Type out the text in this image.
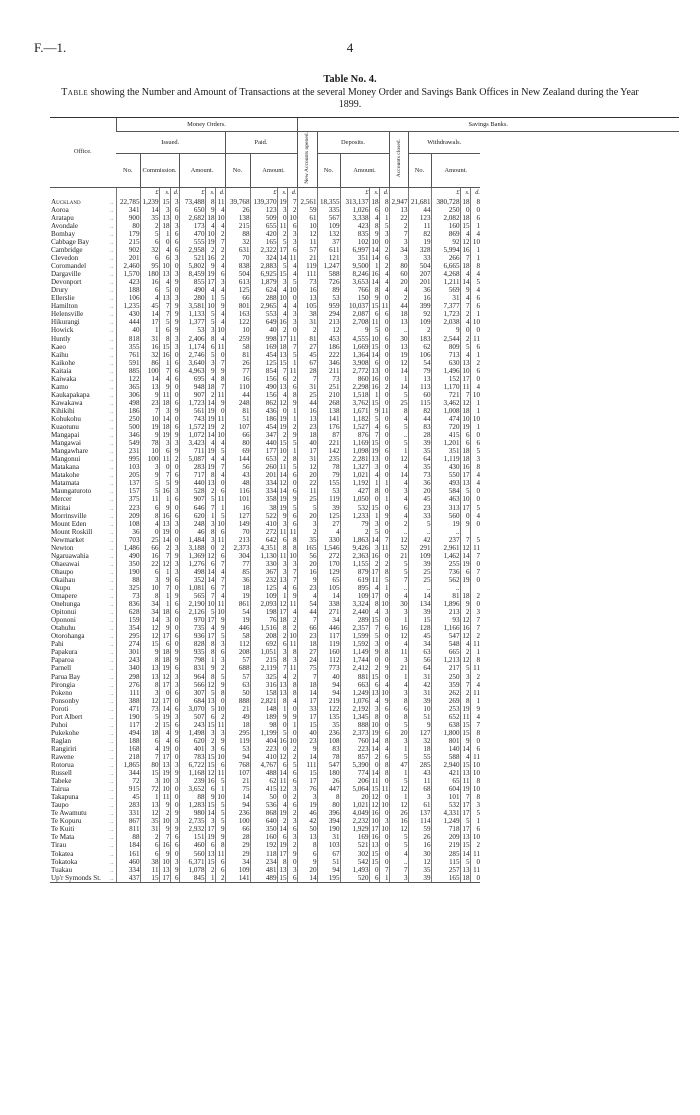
F.—1.	4
Table No. 4.
Table showing the Number and Amount of Transactions at the several Money Order and Savings Bank Offices in New Zealand during the Year 1899.
Office.	Money Orders.											Savings Banks.									
	Issued.							Paid.				New Accounts opened.	Deposits.				Accounts closed.	Withdrawals.			
	No.	Commission.			Amount.			No.	Amount.				No.	Amount.				No.	Amount.		
		£	s.	d.	£	s.	d.		£	s.	d.			£	s.	d.			£	s.	d.
Auckland ..	22,785	1,239	15	3	73,488	8	11	39,768	139,370	19	7	2,561	18,355	313,137	18	8	2,947	21,681	380,728	18	8
Aoroa ..	341	14	3	6	650	9	4	26	123	3	2	59	335	1,026	6	0	13	44	250	0	0
Aratapu ..	900	35	13	0	2,682	18	10	138	509	0	10	61	567	3,338	4	1	22	123	2,082	18	6
Avondale ..	80	2	18	3	173	4	4	215	655	11	6	10	109	423	8	5	2	11	160	15	1
Bombay ..	179	5	1	6	470	10	2	88	420	2	3	12	132	835	9	3	7	82	869	4	4
Cabbage Bay ..	215	6	0	6	555	19	7	32	165	5	3	11	37	102	10	0	3	19	92	12	10
Cambridge ..	902	32	4	6	2,958	2	2	631	2,322	17	6	57	611	6,997	14	2	34	328	5,994	16	1
Clevedon ..	201	6	6	3	521	16	2	70	324	14	11	21	121	351	14	6	3	33	266	7	1
Coromandel ..	2,460	95	10	0	5,802	9	4	838	2,883	5	4	119	1,247	9,500	1	2	80	504	6,665	18	8
Dargaville ..	1,570	180	13	3	8,459	19	6	504	6,925	15	4	111	588	8,246	16	4	60	207	4,268	4	4
Devonport ..	423	16	4	9	855	17	3	613	1,879	3	5	73	726	3,653	14	4	20	201	1,211	14	5
Drury ..	188	6	5	0	490	4	4	125	624	4	10	16	89	766	8	4	4	36	569	9	4
Ellerslie ..	106	4	13	3	280	1	5	66	288	10	0	13	53	150	9	0	2	16	31	4	6
Hamilton ..	1,235	45	7	9	3,581	10	9	801	2,965	4	4	105	959	10,037	15	11	44	399	7,377	7	6
Helensville ..	430	14	7	9	1,133	5	4	163	553	4	3	38	294	2,087	6	6	18	92	1,723	2	1
Hikurangi ..	444	17	5	9	1,377	5	4	122	649	16	3	31	213	2,708	11	0	13	109	2,038	4	10
Howick ..	40	1	6	9	53	3	10	10	40	2	0	2	12	9	5	0	..	2	9	0	0
Huntly ..	818	31	8	3	2,406	8	4	259	998	17	11	81	453	4,555	10	6	30	183	2,544	2	11
Kaeo ..	355	16	15	3	1,174	6	11	58	169	18	7	27	186	1,669	15	0	13	62	809	5	6
Kaihu ..	761	32	16	0	2,746	5	0	81	454	13	5	45	222	1,364	14	0	19	106	713	4	1
Kaikohe ..	591	86	1	6	3,640	3	7	26	125	15	1	67	346	3,908	6	0	12	54	630	13	2
Kaitaia ..	885	100	7	6	4,963	9	9	77	854	7	11	28	211	2,772	13	0	14	79	1,496	10	6
Kaiwaka ..	122	14	4	6	695	4	8	16	156	6	2	7	73	860	16	0	1	13	152	17	0
Kamo ..	365	13	9	0	948	18	7	110	490	13	6	31	251	2,298	16	2	14	113	1,170	11	4
Kaukapakapa ..	306	9	11	0	907	2	11	44	156	4	8	25	210	1,518	1	0	5	60	721	7	10
Kawakawa ..	498	23	18	6	1,723	14	9	248	862	12	9	44	268	3,762	15	0	25	115	3,462	12	1
Kihikihi ..	186	7	3	9	561	19	0	81	436	0	1	16	138	1,671	9	11	8	82	1,008	18	1
Kohukohu ..	250	10	14	0	743	19	11	51	186	19	1	13	141	1,182	5	0	4	44	474	10	10
Kuaotunu ..	500	19	18	6	1,572	19	2	107	454	19	2	23	176	1,527	4	6	5	83	720	19	1
Mangapai ..	346	9	19	9	1,072	14	10	66	347	2	9	18	87	876	7	0	..	28	415	6	0
Mangawai ..	549	78	3	3	3,423	4	4	80	440	15	5	40	221	1,169	15	0	5	39	1,201	6	6
Mangawhare ..	231	10	6	9	711	19	5	69	177	10	1	17	142	1,098	19	6	1	35	351	18	5
Mangonui ..	995	100	11	2	5,087	4	4	144	653	2	8	31	235	2,281	13	0	12	64	1,119	18	3
Matakana ..	103	3	0	0	283	19	7	56	260	11	5	12	78	1,327	3	0	4	35	430	16	8
Matakohe ..	205	9	7	6	717	8	4	43	201	14	6	20	79	1,021	4	0	14	73	550	17	4
Matamata ..	137	5	5	9	440	13	0	48	334	12	0	22	155	1,192	1	1	4	36	493	13	4
Maungaturoto ..	157	5	16	3	528	2	6	116	334	14	6	11	53	427	8	0	3	20	584	5	0
Mercer ..	375	11	1	6	907	5	11	101	358	19	9	25	119	1,050	0	1	4	45	463	10	0
Mititai ..	223	6	9	0	646	7	1	16	38	19	5	5	39	532	15	0	6	23	313	17	5
Morrinsville ..	209	8	16	6	620	1	5	127	522	9	6	20	125	1,233	1	9	4	33	560	0	4
Mount Eden ..	108	4	13	3	248	3	10	149	410	3	6	3	27	79	3	0	2	5	19	9	0
Mount Roskill ..	36	0	19	0	46	8	6	70	272	11	11	2	4	2	5	0	..	..	..		
Newmarket ..	703	25	14	0	1,484	3	11	213	642	6	8	35	330	1,863	14	7	12	42	237	7	5
Newton ..	1,486	66	2	3	3,188	0	2	2,373	4,351	8	8	165	1,546	9,426	3	11	52	291	2,961	12	11
Ngaruawahia ..	490	16	7	9	1,369	12	6	304	1,130	11	10	56	272	2,363	16	0	21	109	1,462	14	7
Ohaeawai ..	350	22	12	3	1,276	6	7	77	330	3	3	20	170	1,155	2	2	5	39	255	19	0
Ohaupo ..	190	6	1	3	498	14	4	85	367	3	7	16	129	879	17	8	5	25	736	6	7
Okaihau ..	88	3	9	6	352	14	7	36	232	13	7	9	65	619	11	5	7	25	562	19	0
Okupu ..	325	10	7	0	1,081	6	7	18	125	4	6	23	105	895	4	1	..	..	..		
Omapere ..	73	8	1	9	565	7	4	19	109	1	9	4	14	109	17	0	4	14	81	18	2
Onehunga ..	836	34	1	6	2,190	10	11	861	2,093	12	11	54	338	3,324	8	10	30	134	1,896	9	0
Opitonui ..	628	34	18	6	2,126	5	10	54	198	17	4	44	271	2,440	4	3	3	39	213	2	3
Opononi ..	159	14	3	0	970	17	9	19	76	18	2	7	34	289	15	0	1	15	93	12	7
Otahuhu ..	354	12	9	0	735	4	9	446	1,516	8	2	66	446	2,357	7	6	16	128	1,166	16	7
Otorohanga ..	295	12	17	6	936	17	5	58	208	2	10	23	117	1,599	5	0	12	45	547	12	2
Pahi ..	274	15	6	0	828	8	3	112	692	6	11	18	119	1,592	3	0	4	34	548	4	11
Papakura ..	301	9	18	9	935	8	6	208	1,051	3	8	27	160	1,149	9	8	11	63	665	2	1
Paparoa ..	243	8	18	9	798	1	3	57	215	8	3	24	112	1,744	0	0	3	56	1,213	12	8
Parnell ..	340	13	19	6	831	9	2	688	2,119	7	11	75	773	2,412	2	9	21	64	217	5	11
Parua Bay ..	298	13	12	3	964	8	5	57	325	4	2	7	40	881	15	0	1	31	250	3	2
Pirongia ..	276	8	17	3	566	12	9	63	316	13	8	18	94	663	6	4	4	42	359	7	4
Pokeno ..	111	3	0	6	307	5	8	50	158	13	8	14	94	1,249	13	10	3	31	262	2	11
Ponsonby ..	388	12	17	0	684	13	0	888	2,821	8	4	17	219	1,076	4	9	8	39	269	8	1
Poroti ..	471	73	14	6	3,070	5	10	21	148	1	0	33	122	2,192	3	6	6	10	253	19	9
Port Albert ..	190	5	19	3	507	6	2	49	189	9	9	17	135	1,345	8	0	8	51	652	11	4
Puhoi ..	117	2	15	6	243	15	11	18	98	0	1	15	35	888	10	0	5	9	638	15	7
Pukekohe ..	494	18	4	9	1,498	3	3	295	1,199	5	0	40	236	2,373	19	6	20	127	1,800	15	8
Raglan ..	188	6	4	6	620	2	9	119	404	16	10	23	108	760	14	8	3	32	801	9	0
Rangiriri ..	168	4	19	0	401	3	6	53	223	0	2	9	83	223	14	4	1	18	140	14	6
Rawene ..	218	7	17	0	783	15	10	94	410	12	2	14	78	857	2	6	5	55	588	4	11
Rotorua ..	1,865	80	13	3	6,722	15	6	768	4,767	6	5	111	547	5,390	0	8	47	285	2,940	15	10
Russell ..	344	15	19	9	1,168	12	11	107	488	14	6	15	180	774	14	8	1	43	421	13	10
Tabeke ..	72	3	10	3	239	16	5	21	62	11	6	17	26	206	11	0	5	11	65	11	8
Tairua ..	915	72	10	0	3,652	6	1	75	415	12	3	76	447	5,064	15	11	12	68	604	19	10
Takapuna ..	45	1	11	0	88	9	10	14	50	0	2	3	8	20	12	0	1	3	101	7	8
Taupo ..	283	13	9	0	1,283	15	5	94	536	4	6	19	80	1,021	12	10	12	61	532	17	3
Te Awamutu ..	331	12	2	9	980	14	5	236	868	19	2	46	396	4,049	16	0	26	137	4,331	17	5
Te Kopuru ..	867	35	10	3	2,735	3	5	100	640	2	3	42	394	2,232	10	3	16	114	1,249	5	1
Te Kuiti ..	811	31	9	9	2,932	17	9	66	350	14	6	50	190	1,929	17	10	12	59	718	17	6
Te Mata ..	88	2	7	6	151	19	9	28	160	6	3	13	31	169	16	0	5	26	209	13	10
Tirau ..	184	6	16	6	460	6	8	29	192	19	2	8	103	521	13	0	5	16	219	15	2
Tokatea ..	161	6	9	0	560	13	11	29	118	17	9	6	67	302	15	0	4	30	285	14	11
Tokatoka ..	460	38	10	3	6,371	15	6	34	234	8	0	9	51	542	15	0	..	12	115	5	0
Tuakau ..	334	11	13	9	1,078	2	6	109	481	13	3	20	94	1,493	0	7	7	35	257	13	11
Up'r Symonds St. ..	437	15	17	6	845	1	2	141	489	15	6	14	195	520	6	1	3	39	165	18	0
